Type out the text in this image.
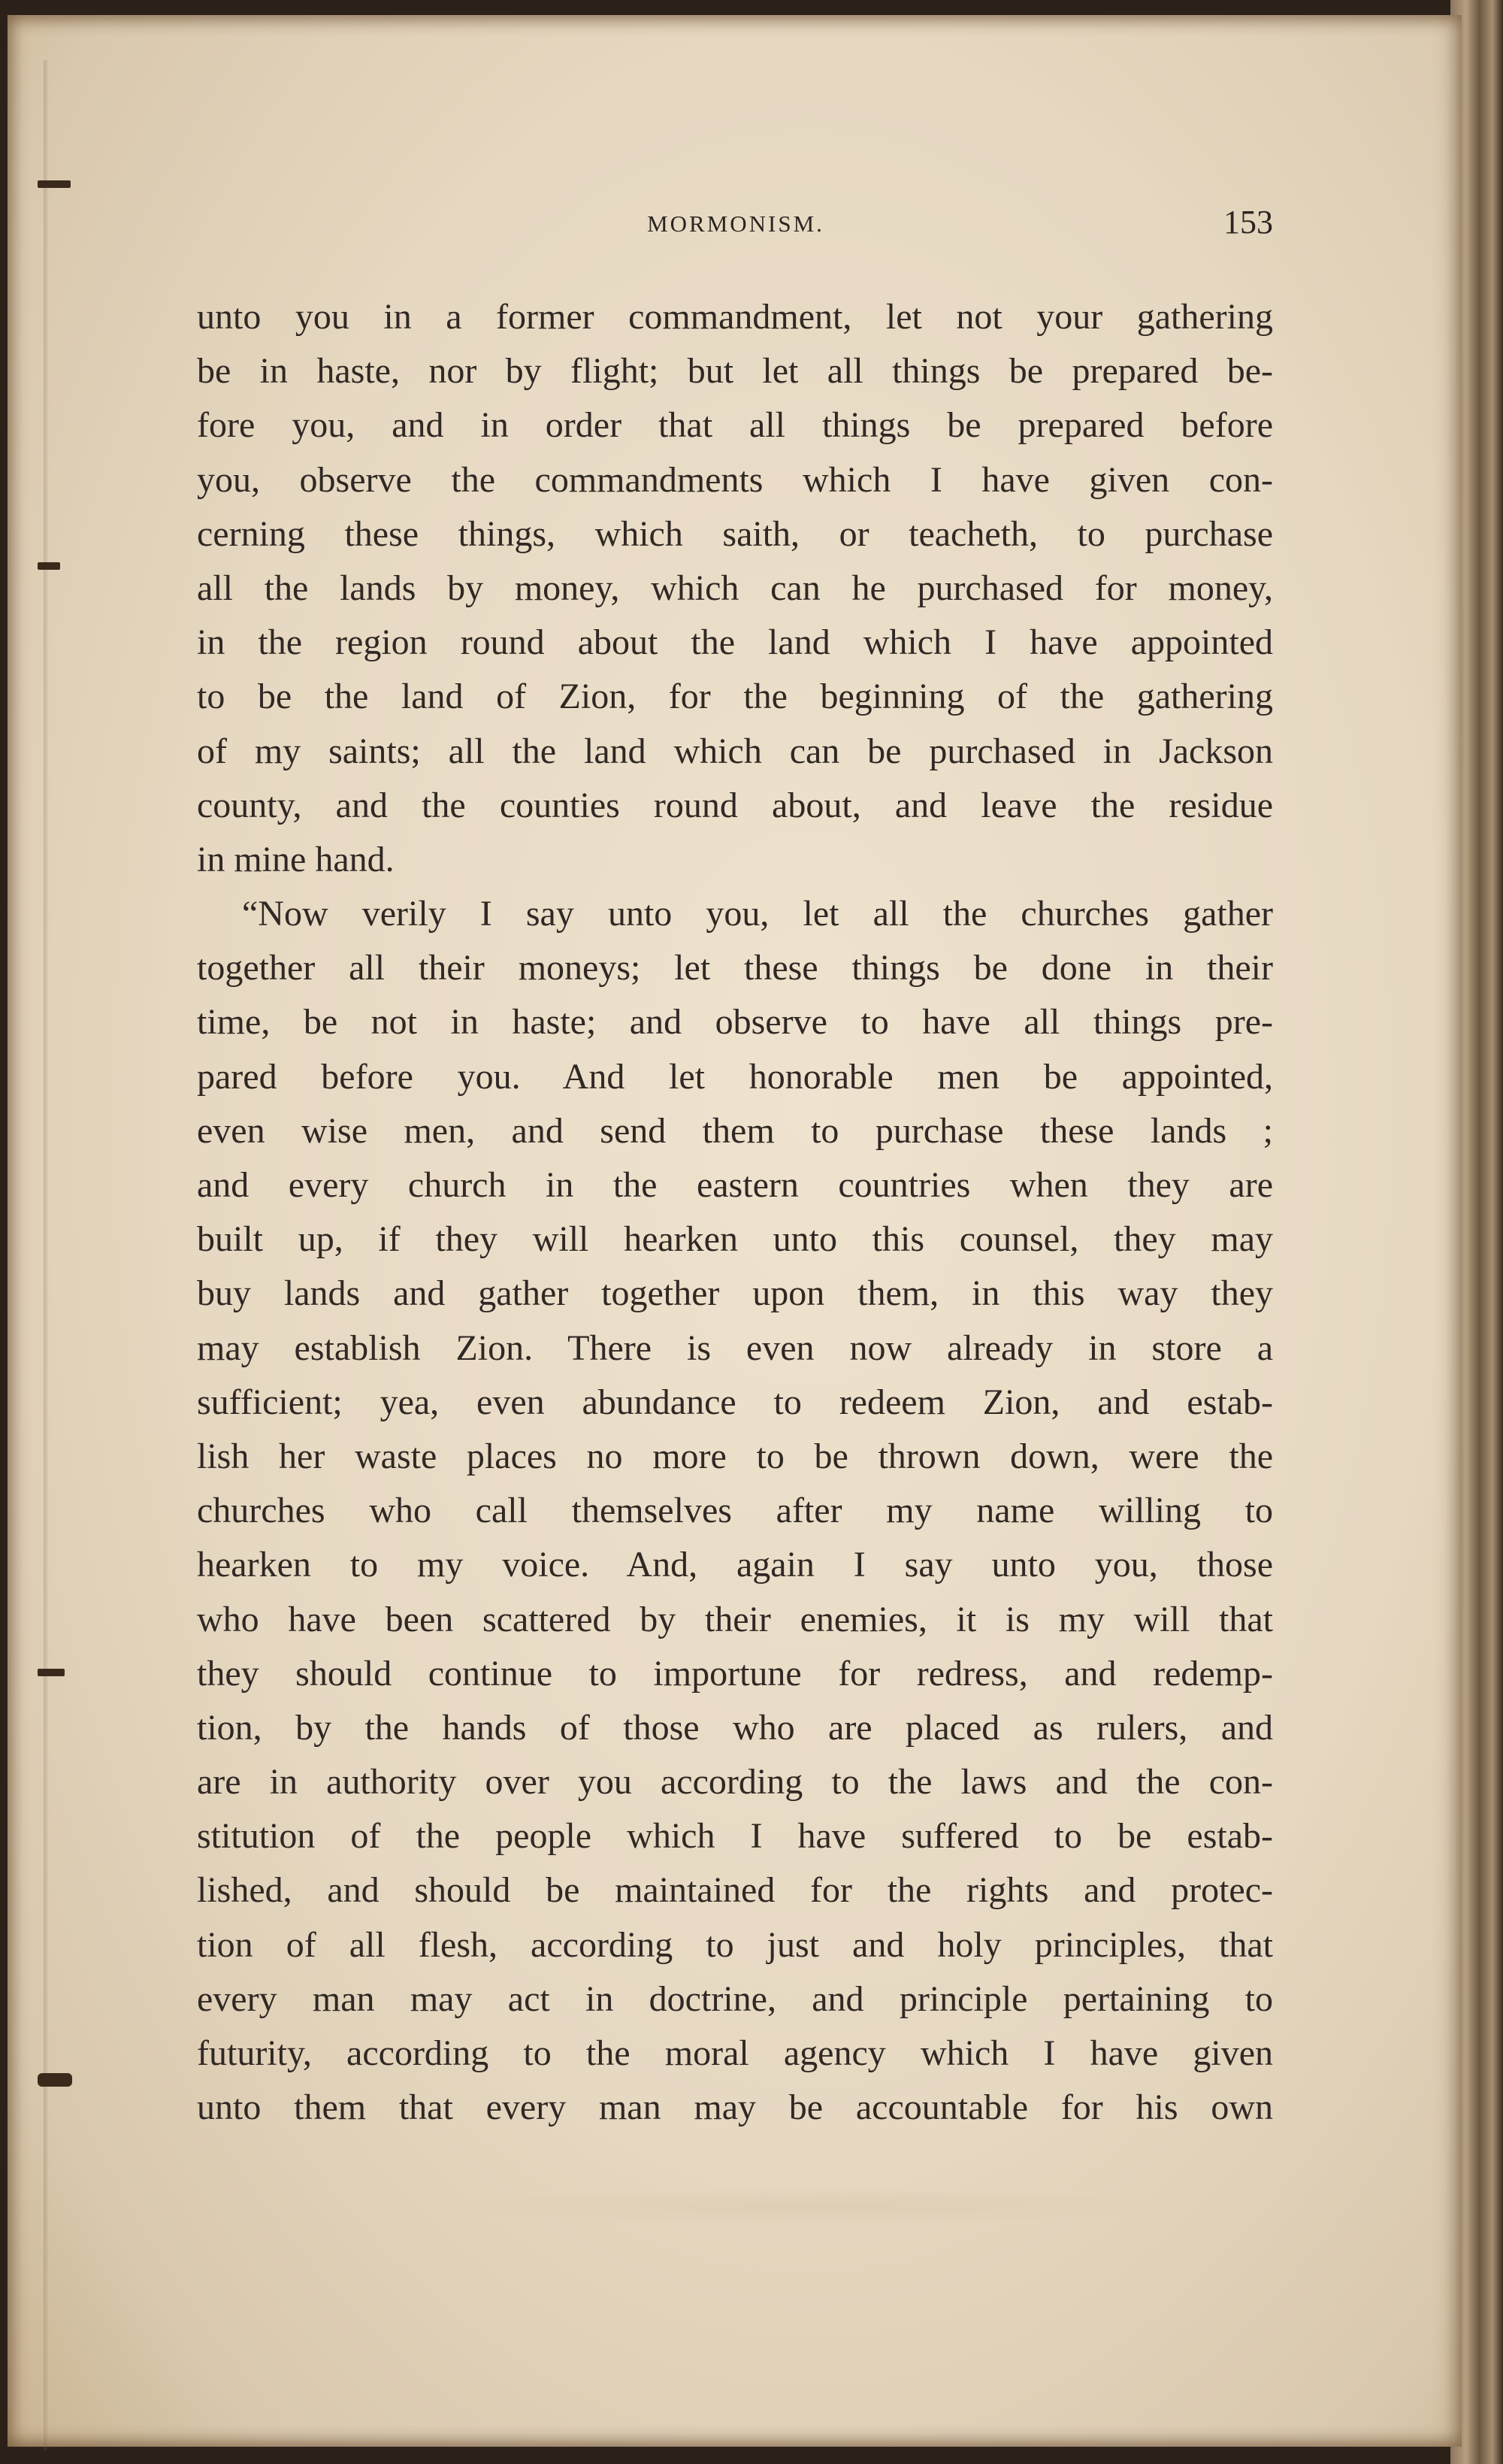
MORMONISM.	153
unto you in a former commandment, let not your gathering
be in haste, nor by flight; but let all things be prepared be-
fore you, and in order that all things be prepared before
you, observe the commandments which I have given con-
cerning these things, which saith, or teacheth, to purchase
all the lands by money, which can he purchased for money,
in the region round about the land which I have appointed
to be the land of Zion, for the beginning of the gathering
of my saints; all the land which can be purchased in Jackson
county, and the counties round about, and leave the residue
in mine hand.
“Now verily I say unto you, let all the churches gather
together all their moneys; let these things be done in their
time, be not in haste; and observe to have all things pre-
pared before you. And let honorable men be appointed,
even wise men, and send them to purchase these lands ;
and every church in the eastern countries when they are
built up, if they will hearken unto this counsel, they may
buy lands and gather together upon them, in this way they
may establish Zion. There is even now already in store a
sufficient; yea, even abundance to redeem Zion, and estab-
lish her waste places no more to be thrown down, were the
churches who call themselves after my name willing to
hearken to my voice. And, again I say unto you, those
who have been scattered by their enemies, it is my will that
they should continue to importune for redress, and redemp-
tion, by the hands of those who are placed as rulers, and
are in authority over you according to the laws and the con-
stitution of the people which I have suffered to be estab-
lished, and should be maintained for the rights and protec-
tion of all flesh, according to just and holy principles, that
every man may act in doctrine, and principle pertaining to
futurity, according to the moral agency which I have given
unto them that every man may be accountable for his own
